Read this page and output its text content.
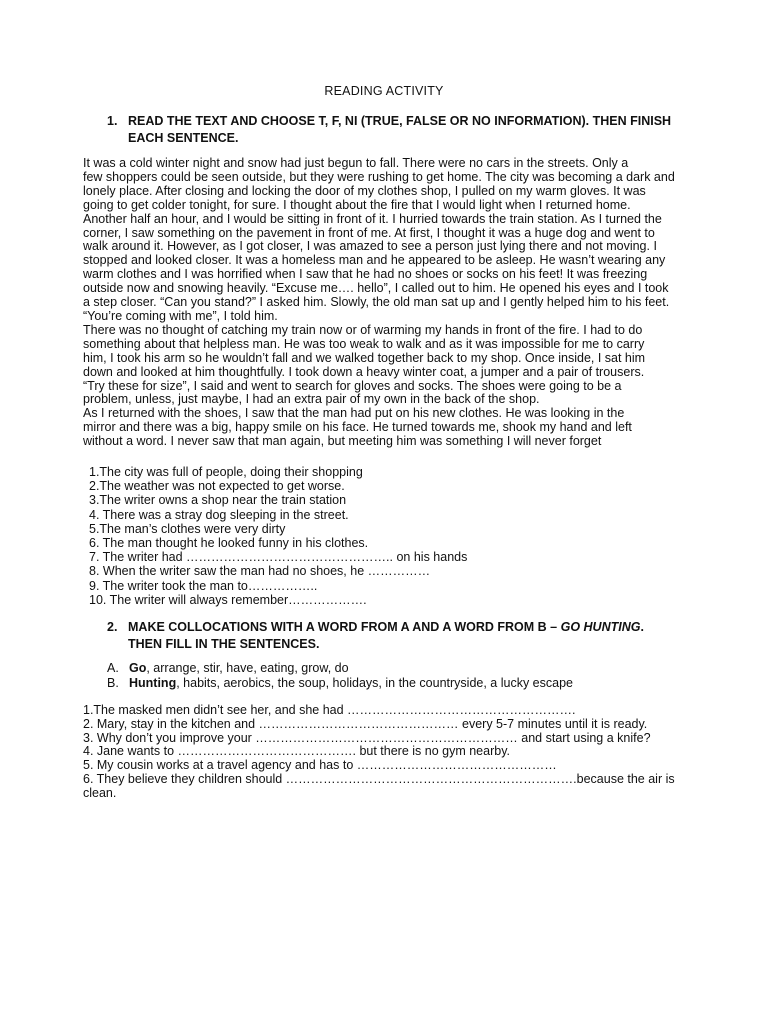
READING ACTIVITY
1. READ THE TEXT AND CHOOSE T, F, NI (TRUE, FALSE OR NO INFORMATION). THEN FINISH
EACH SENTENCE.

It was a cold winter night and snow had just begun to fall. There were no cars in the streets. Only a

few shoppers could be seen outside, but they were rushing to get home. The city was becoming a dark and

lonely place. After closing and locking the door of my clothes shop, I pulled on my warm gloves. It was

going to get colder tonight, for sure. I thought about the fire that I would light when I returned home.

Another half an hour, and I would be sitting in front of it. I hurried towards the train station. As I turned the

corner, I saw something on the pavement in front of me. At first, I thought it was a huge dog and went to

walk around it. However, as I got closer, I was amazed to see a person just lying there and not moving. I

stopped and looked closer. It was a homeless man and he appeared to be asleep. He wasn’t wearing any

warm clothes and I was horrified when I saw that he had no shoes or socks on his feet! It was freezing

outside now and snowing heavily. “Excuse me…. hello”, I called out to him. He opened his eyes and I took

a step closer. “Can you stand?” I asked him. Slowly, the old man sat up and I gently helped him to his feet.

“You’re coming with me”, I told him.

There was no thought of catching my train now or of warming my hands in front of the fire. I had to do

something about that helpless man. He was too weak to walk and as it was impossible for me to carry

him, I took his arm so he wouldn’t fall and we walked together back to my shop. Once inside, I sat him

down and looked at him thoughtfully. I took down a heavy winter coat, a jumper and a pair of trousers.

“Try these for size”, I said and went to search for gloves and socks. The shoes were going to be a

problem, unless, just maybe, I had an extra pair of my own in the back of the shop.

As I returned with the shoes, I saw that the man had put on his new clothes. He was looking in the

mirror and there was a big, happy smile on his face. He turned towards me, shook my hand and left

without a word. I never saw that man again, but meeting him was something I will never forget

1.The city was full of people, doing their shopping
2.The weather was not expected to get worse.
3.The writer owns a shop near the train station
4. There was a stray dog sleeping in the street.
5.The man’s clothes were very dirty
6. The man thought he looked funny in his clothes.
7. The writer had ………………………………………….. on his hands
8. When the writer saw the man had no shoes, he ……………
9. The writer took the man to……………..
10. The writer will always remember……………….
2. MAKE COLLOCATIONS WITH A WORD FROM A AND A WORD FROM B – GO HUNTING.
THEN FILL IN THE SENTENCES.
A. Go, arrange, stir, have, eating, grow, do
B. Hunting, habits, aerobics, the soup, holidays, in the countryside, a lucky escape
1.The masked men didn’t see her, and she had ……………………………………………….
2. Mary, stay in the kitchen and ………………………………………… every 5-7 minutes until it is ready.
3. Why don’t you improve your ……………………………………………………… and start using a knife?
4. Jane wants to ……………………………………. but there is no gym nearby.
5. My cousin works at a travel agency and has to …………………………………………
6. They believe they children should …………………………………………………………….because the air is clean.
